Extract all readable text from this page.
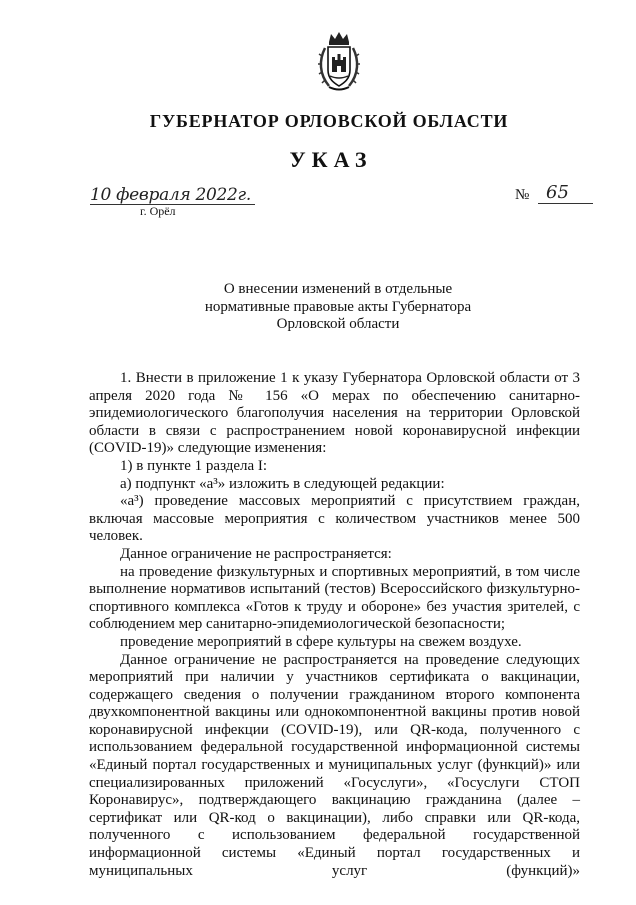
ГУБЕРНАТОР ОРЛОВСКОЙ ОБЛАСТИ
УКАЗ
10 февраля 2022г.
г. Орёл
№ 65
О внесении изменений в отдельные
нормативные правовые акты Губернатора
Орловской области

1. Внести в приложение 1 к указу Губернатора Орловской области от 3 апреля 2020 года № 156 «О мерах по обеспечению санитарно-эпидемиологического благополучия населения на территории Орловской области в связи с распространением новой коронавирусной инфекции (COVID-19)» следующие изменения:

1) в пункте 1 раздела I:

а) подпункт «а³» изложить в следующей редакции:

«а³) проведение массовых мероприятий с присутствием граждан, включая массовые мероприятия с количеством участников менее 500 человек.

Данное ограничение не распространяется:

на проведение физкультурных и спортивных мероприятий, в том числе выполнение нормативов испытаний (тестов) Всероссийского физкультурно-спортивного комплекса «Готов к труду и обороне» без участия зрителей, с соблюдением мер санитарно-эпидемиологической безопасности;

проведение мероприятий в сфере культуры на свежем воздухе.

Данное ограничение не распространяется на проведение следующих мероприятий при наличии у участников сертификата о вакцинации, содержащего сведения о получении гражданином второго компонента двухкомпонентной вакцины или однокомпонентной вакцины против новой коронавирусной инфекции (COVID-19), или QR-кода, полученного с использованием федеральной государственной информационной системы «Единый портал государственных и муниципальных услуг (функций)» или специализированных приложений «Госуслуги», «Госуслуги СТОП Коронавирус», подтверждающего вакцинацию гражданина (далее – сертификат или QR-код о вакцинации), либо справки или QR-кода, полученного с использованием федеральной государственной информационной системы «Единый портал государственных и муниципальных услуг (функций)»
